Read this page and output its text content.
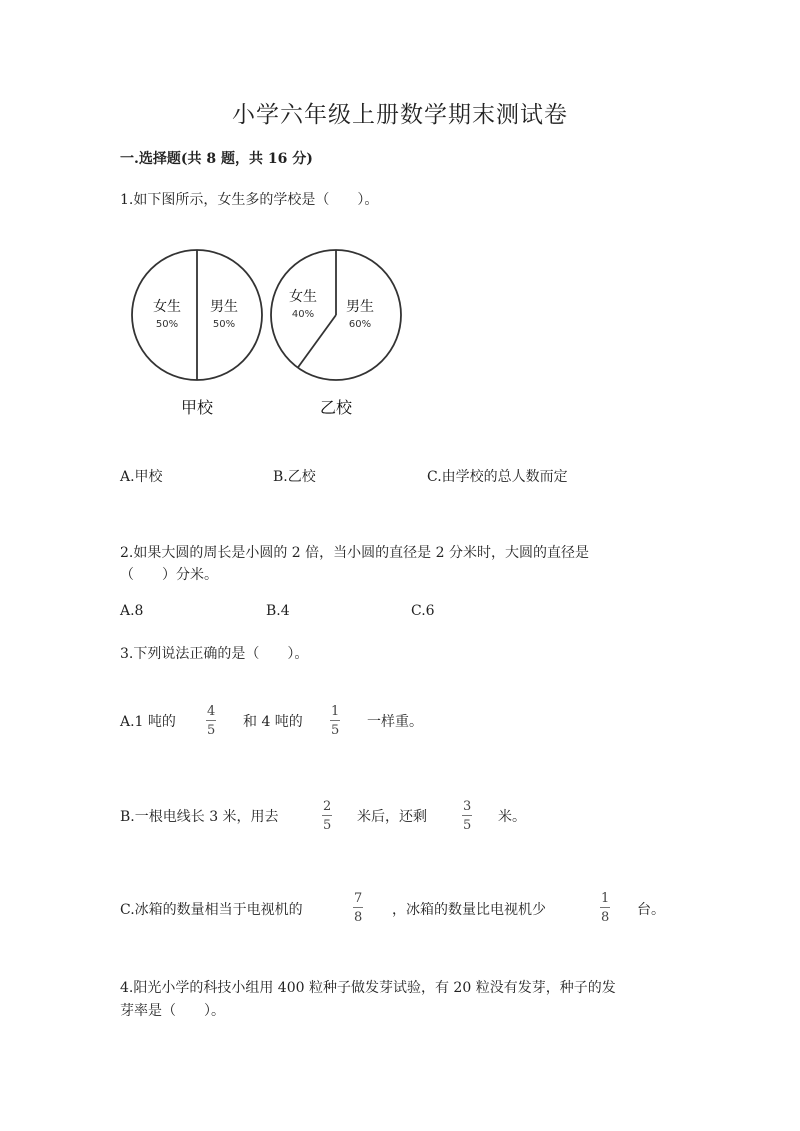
小学六年级上册数学期末测试卷
一.选择题(共 8 题，共 16 分)
1.如下图所示，女生多的学校是（　　）。
女生
50%
男生
50%
甲校
女生
40% 男生
60%
乙校
A.甲校	B.乙校	C.由学校的总人数而定
2.如果大圆的周长是小圆的 2 倍，当小圆的直径是 2 分米时，大圆的直径是
（　　）分米。
A.8	B.4	C.6
3.下列说法正确的是（　　）。
A.1 吨的
4
5
和 4 吨的
1
5
一样重。
B.一根电线长 3 米，用去
2
5
米后，还剩
3
5
米。
C.冰箱的数量相当于电视机的
7
8 ，冰箱的数量比电视机少
1
8 台。
4.阳光小学的科技小组用 400 粒种子做发芽试验，有 20 粒没有发芽，种子的发
芽率是（　　）。
